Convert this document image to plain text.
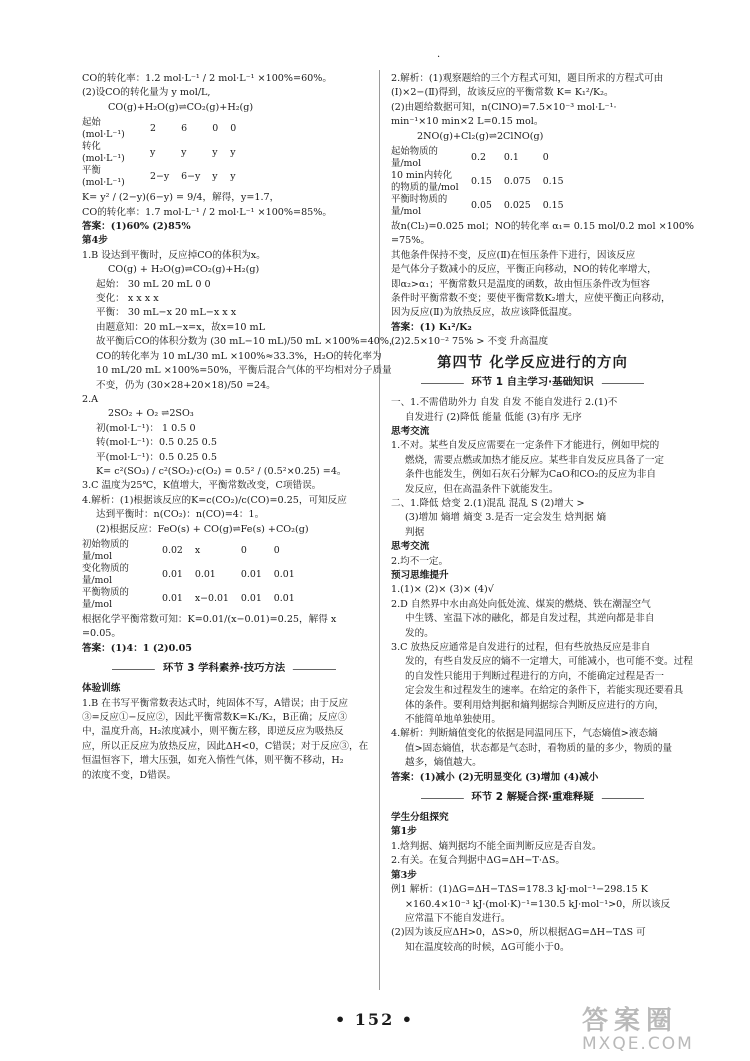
·
CO的转化率：1.2 mol·L⁻¹ / 2 mol·L⁻¹ ×100%=60%。
(2)设CO的转化量为 y mol/L,
CO(g)+H₂O(g)⇌CO₂(g)+H₂(g)
起始 (mol·L⁻¹)	2	6	0	0
转化 (mol·L⁻¹)	y	y	y	y
平衡 (mol·L⁻¹)	2−y	6−y	y	y
K= y² / (2−y)(6−y) = 9/4，解得，y=1.7，
CO的转化率：1.7 mol·L⁻¹ / 2 mol·L⁻¹ ×100%=85%。
答案：(1)60% (2)85%
第4步
1.B 设达到平衡时，反应掉CO的体积为x。
CO(g) + H₂O(g)⇌CO₂(g)+H₂(g)
起始： 30 mL 20 mL 0 0
变化： x x x x
平衡： 30 mL−x 20 mL−x x x
由题意知：20 mL−x=x，故x=10 mL
故平衡后CO的体积分数为 (30 mL−10 mL)/50 mL ×100%=40%，
CO的转化率为 10 mL/30 mL ×100%≈33.3%，H₂O的转化率为
10 mL/20 mL ×100%=50%，平衡后混合气体的平均相对分子质量
不变，仍为 (30×28+20×18)/50 =24。
2.A
2SO₂ + O₂ ⇌2SO₃
初(mol·L⁻¹)： 1 0.5 0
转(mol·L⁻¹)：0.5 0.25 0.5
平(mol·L⁻¹)：0.5 0.25 0.5
K= c²(SO₃) / c²(SO₂)·c(O₂) = 0.5² / (0.5²×0.25) =4。
3.C 温度为25℃，K值增大，平衡常数改变，C项错误。
4.解析：(1)根据该反应的K=c(CO₂)/c(CO)=0.25，可知反应
达到平衡时：n(CO₂)：n(CO)=4：1。
(2)根据反应：FeO(s) + CO(g)⇌Fe(s) +CO₂(g)
初始物质的量/mol	0.02	x	0	0
变化物质的量/mol	0.01	0.01	0.01	0.01
平衡物质的量/mol	0.01	x−0.01	0.01	0.01
根据化学平衡常数可知：K=0.01/(x−0.01)=0.25，解得 x
=0.05。
答案：(1)4：1 (2)0.05
环节 3 学科素养·技巧方法
体验训练
1.B 在书写平衡常数表达式时，纯固体不写，A错误；由于反应
③=反应①−反应②，因此平衡常数K=K₁/K₂，B正确；反应③
中，温度升高，H₂浓度减小，则平衡左移，即逆反应为吸热反
应，所以正反应为放热反应，因此ΔH<0，C错误；对于反应③，在
恒温恒容下，增大压强，如充入惰性气体，则平衡不移动，H₂
的浓度不变，D错误。
2.解析：(1)观察题给的三个方程式可知，题目所求的方程式可由
(Ⅰ)×2−(Ⅱ)得到，故该反应的平衡常数 K= K₁²/K₂。
(2)由题给数据可知，n(ClNO)=7.5×10⁻³ mol·L⁻¹·
min⁻¹×10 min×2 L=0.15 mol。
2NO(g)+Cl₂(g)⇌2ClNO(g)
起始物质的量/mol	0.2	0.1	0
10 min内转化的物质的量/mol	0.15	0.075	0.15
平衡时物质的量/mol	0.05	0.025	0.15
故n(Cl₂)=0.025 mol；NO的转化率 α₁= 0.15 mol/0.2 mol ×100%
=75%。
其他条件保持不变，反应(Ⅱ)在恒压条件下进行，因该反应
是气体分子数减小的反应，平衡正向移动，NO的转化率增大，
即α₂>α₁；平衡常数只是温度的函数，故由恒压条件改为恒容
条件时平衡常数不变；要使平衡常数K₂增大，应使平衡正向移动，
因为反应(Ⅱ)为放热反应，故应该降低温度。
答案：(1) K₁²/K₂
(2)2.5×10⁻² 75% > 不变 升高温度
第四节 化学反应进行的方向
环节 1 自主学习·基础知识
一、1.不需借助外力 自发 自发 不能自发进行 2.(1)不
自发进行 (2)降低 能量 低能 (3)有序 无序
思考交流
1.不对。某些自发反应需要在一定条件下才能进行，例如甲烷的
燃烧，需要点燃或加热才能反应。某些非自发反应具备了一定
条件也能发生，例如石灰石分解为CaO和CO₂的反应为非自
发反应，但在高温条件下就能发生。
二、1.降低 焓变 2.(1)混乱 混乱 S (2)增大 >
(3)增加 熵增 熵变 3.是否一定会发生 焓判据 熵
判据
思考交流
2.均不一定。
预习思维提升
1.(1)× (2)× (3)× (4)√
2.D 自然界中水由高处向低处流、煤炭的燃烧、铁在潮湿空气
中生锈、室温下冰的融化，都是自发过程，其逆向都是非自
发的。
3.C 放热反应通常是自发进行的过程，但有些放热反应是非自
发的，有些自发反应的熵不一定增大，可能减小，也可能不变。过程
的自发性只能用于判断过程进行的方向，不能确定过程是否一
定会发生和过程发生的速率。在给定的条件下，若能实现还要看具
体的条件。要利用焓判据和熵判据综合判断反应进行的方向，
不能简单地单独使用。
4.解析：判断熵值变化的依据是同温同压下，气态熵值>液态熵
值>固态熵值，状态都是气态时，看物质的量的多少，物质的量
越多，熵值越大。
答案：(1)减小 (2)无明显变化 (3)增加 (4)减小
环节 2 解疑合探·重难释疑
学生分组探究
第1步
1.焓判据、熵判据均不能全面判断反应是否自发。
2.有关。在复合判据中ΔG=ΔH−T·ΔS。
第3步
例1 解析：(1)ΔG=ΔH−TΔS=178.3 kJ·mol⁻¹−298.15 K
×160.4×10⁻³ kJ·(mol·K)⁻¹=130.5 kJ·mol⁻¹>0，所以该反
应常温下不能自发进行。
(2)因为该反应ΔH>0，ΔS>0，所以根据ΔG=ΔH−TΔS 可
知在温度较高的时候，ΔG可能小于0。
• 152 •	答案圈
MXQE.COM
